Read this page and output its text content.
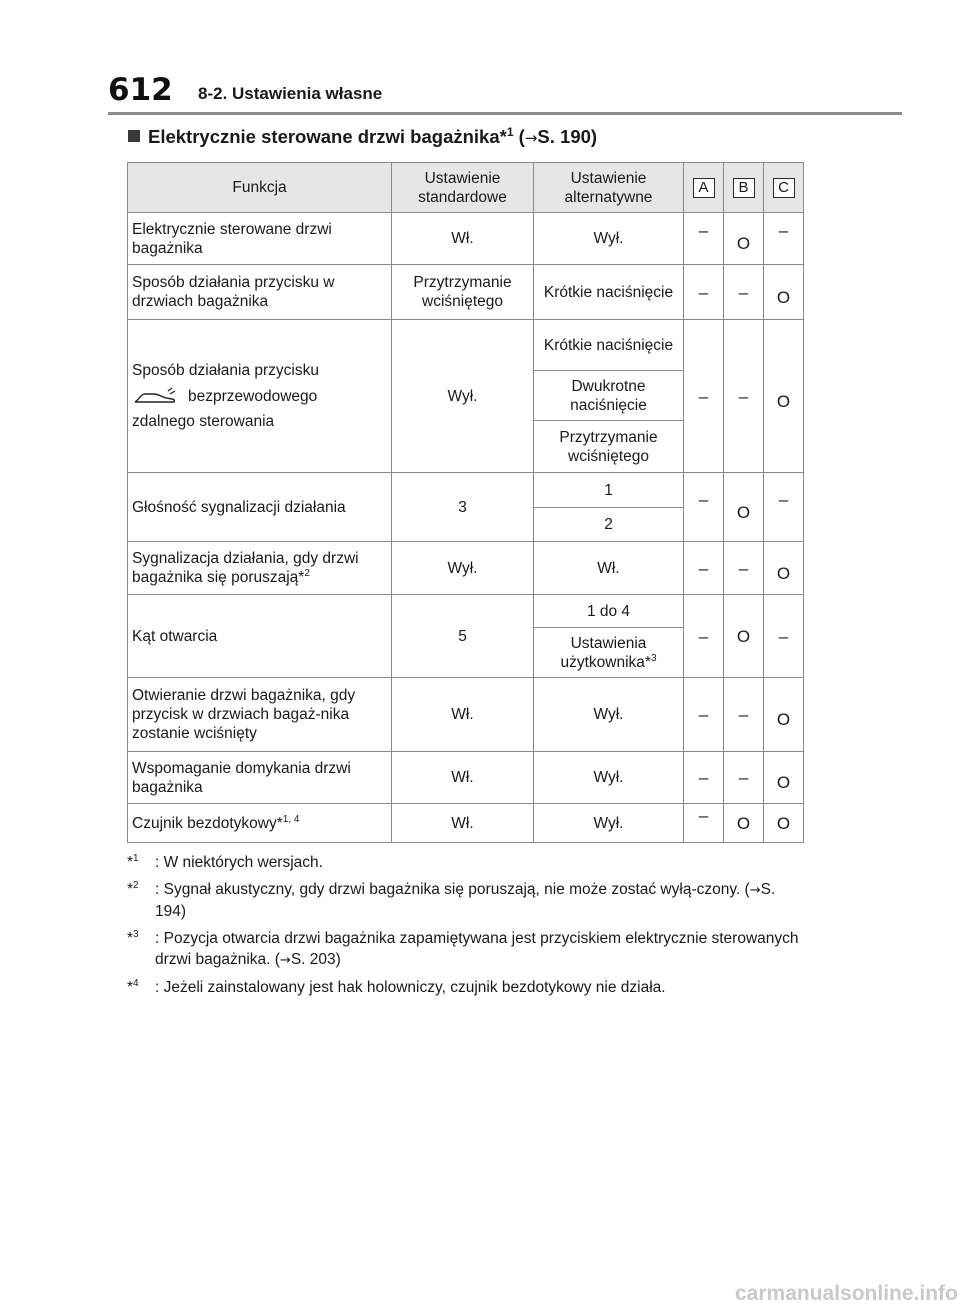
612 8-2. Ustawienia własne
Elektrycznie sterowane drzwi bagażnika*$^1$ (→S. 190)
Funkcja	Ustawienie standardowe	Ustawienie alternatywne	A	B	C
Elektrycznie sterowane drzwi bagażnika	Wł.	Wył.	–	O	–
Sposób działania przycisku w drzwiach bagażnika	Przytrzymanie wciśniętego	Krótkie naciśnięcie	–	–	O

Sposób działania przycisku
bezprzewodowego
zdalnego sterowania	Wył.	Krótkie naciśnięcie	–	–	O
		Dwukrotne naciśnięcie			
		Przytrzymanie wciśniętego			
Głośność sygnalizacji działania	3	1	–	O	–
		2			
Sygnalizacja działania, gdy drzwi bagażnika się poruszają*$^2$	Wył.	Wł.	–	–	O
Kąt otwarcia	5	1 do 4	–	O	–
		Ustawienia użytkownika*$^3$
Otwieranie drzwi bagażnika, gdy przycisk w drzwiach bagaż-nika zostanie wciśnięty	Wł.	Wył.	–	–	O
Wspomaganie domykania drzwi bagażnika	Wł.	Wył.	–	–	O
Czujnik bezdotykowy*$^{1, 4}$	Wł.	Wył.	–	O	O
*$^1$	: W niektórych wersjach.
*$^2$	: Sygnał akustyczny, gdy drzwi bagażnika się poruszają, nie może zostać wyłą-czony. (→S. 194)
*$^3$	: Pozycja otwarcia drzwi bagażnika zapamiętywana jest przyciskiem elektrycznie sterowanych drzwi bagażnika. (→S. 203)
*$^4$	: Jeżeli zainstalowany jest hak holowniczy, czujnik bezdotykowy nie działa.
carmanualsonline.info
